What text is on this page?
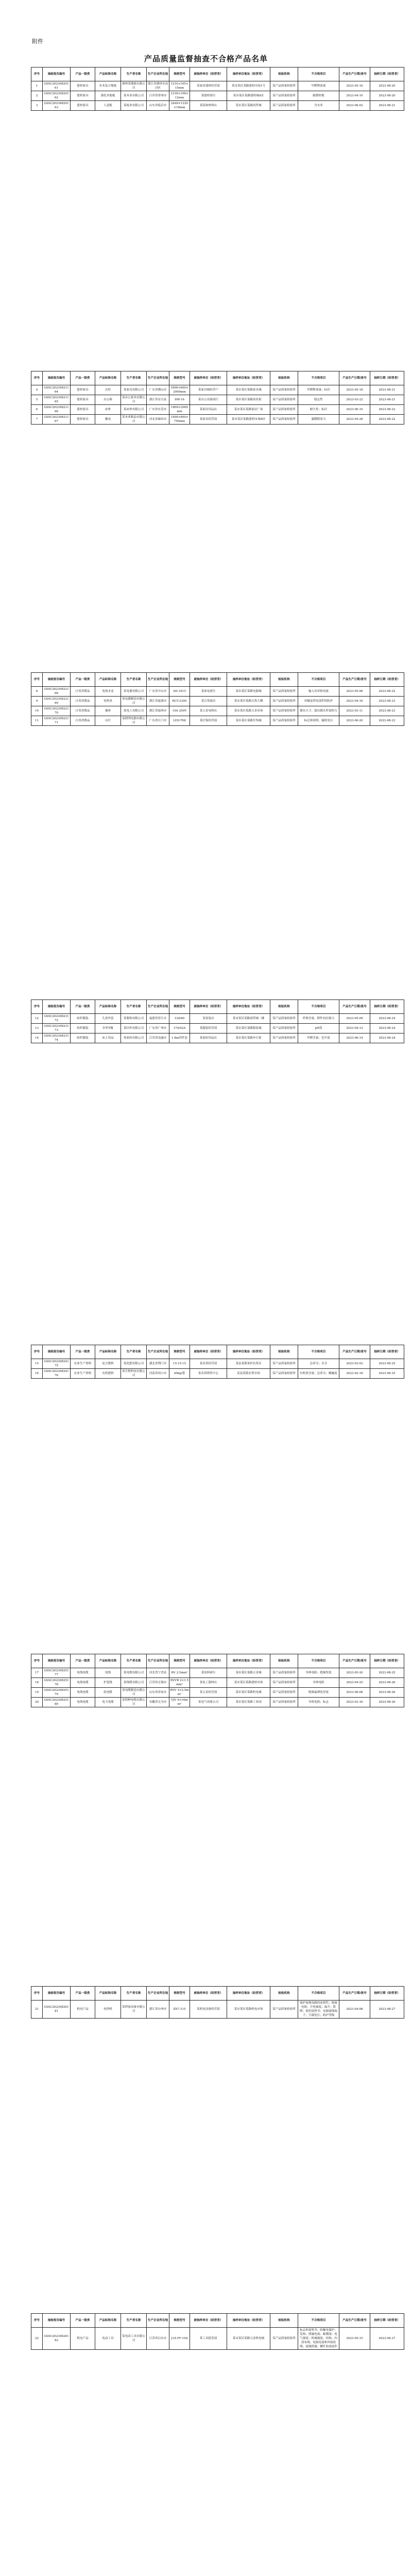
附件
产品质量监督抽查不合格产品名单
序号	抽检报告编号	产品一级类	产品标称名称	生产者名称	生产企业所在地	规格型号	被抽样单位（经营者）	抽样单位地址（经营者）	检验机构	不合格项目	产品生产日期/批号	抽样日期（经营者）
1	GSSC20230820161	建材家具	实木复合地板	湖州某地板有限公司	浙江省湖州市南浔区	1210×165×15mm	某家居建材经营部	某市某区某路建材市场1号	某产品质量检验所	甲醛释放量	2023-05-16	2023-08-20
2	GSSC20230820162	建材家具	强化木地板	某木业有限公司	江苏省常州市	1218×198×12mm	某建材商行	某市某区某路建材城A区	某产品质量检验所	耐磨转数	2023-04-10	2023-08-20
3	GSSC20230820163	建材家具	人造板	某板业有限公司	山东省临沂市	2440×1220×18mm	某装饰材料店	某市某区某路商贸城	某产品质量检验所	含水率	2023-06-02	2023-08-21
序号	抽检报告编号	产品一级类	产品标称名称	生产者名称	生产企业所在地	规格型号	被抽样单位（经营者）	抽样单位地址（经营者）	检验机构	不合格项目	产品生产日期/批号	抽样日期（经营者）
4	GSSC20230821164	建材家具	衣柜	某家具有限公司	广东省佛山市	1800×600×2000mm	某家具城经营户	某市某区某路家具城	某产品质量检验所	甲醛释放量；标识	2023-05-18	2023-08-21
5	GSSC20230821165	建材家具	办公椅	某办公家具有限公司	浙江省安吉县	DW-16	某办公设备商行	某市某区某路商业街	某产品质量检验所	稳定性	2023-03-22	2023-08-21
6	GSSC20230821166	建材家具	床垫	某床垫有限公司	广东省东莞市	1800×2000mm	某家居用品店	某市某区某路家居广场	某产品质量检验所	耐久性；标识	2023-06-10	2023-08-22
7	GSSC20230821167	建材家具	餐桌	某木业制品有限公司	河北省廊坊市	1400×800×750mm	某家具经营部	某市某区某路建材市场B区	某产品质量检验所	漆膜附着力	2023-04-28	2023-08-22
序号	抽检报告编号	产品一级类	产品标称名称	生产者名称	生产企业所在地	规格型号	被抽样单位（经营者）	抽样单位地址（经营者）	检验机构	不合格项目	产品生产日期/批号	抽样日期（经营者）
8	GSSC20230822168	日用消费品	电热水壶	某电器有限公司	广东省中山市	SH-1815	某家电商行	某市某区某路电器城	某产品质量检验所	输入功率和电流	2023-05-06	2023-08-22
9	GSSC20230822169	日用消费品	电吹风	某电器制造有限公司	浙江省慈溪市	RCY-2300	某百货商店	某市某区某路百货大楼	某产品质量检验所	对触及带电部件的防护	2023-04-16	2023-08-23
10	GSSC20230822170	日用消费品	插座	某电工有限公司	浙江省温州市	10A 250V	某五金电料店	某市某区某路五金市场	某产品质量检验所	插头尺寸；拔出插头所需的力	2023-03-11	2023-08-23
11	GSSC20230822171	日用消费品	台灯	某照明电器有限公司	广东省江门市	LED-T08	某灯饰经营部	某市某区某路灯饰城	某产品质量检验所	标记和说明；骚扰电压	2023-06-20	2023-08-23
序号	抽检报告编号	产品一级类	产品标称名称	生产者名称	生产企业所在地	规格型号	被抽样单位（经营者）	抽样单位地址（经营者）	检验机构	不合格项目	产品生产日期/批号	抽样日期（经营者）
12	GSSC20230823172	纺织服装	儿童外套	某服饰有限公司	福建省晋江市	120/60	某童装店	某市某区某路商贸城二楼	某产品质量检验所	纤维含量；附件抗拉强力	2023-05-09	2023-08-24
13	GSSC20230823173	纺织服装	针织T恤	某针织有限公司	广东省广州市	170/92A	某服装经营部	某市某区某路服装城	某产品质量检验所	pH值	2023-04-12	2023-08-24
14	GSSC20230823174	纺织服装	床上用品	某家纺有限公司	江苏省南通市	1.8m四件套	某家纺用品店	某市某区某路步行街	某产品质量检验所	甲醛含量；色牢度	2023-06-14	2023-08-24
序号	抽检报告编号	产品一级类	产品标称名称	生产者名称	生产企业所在地	规格型号	被抽样单位（经营者）	抽样单位地址（经营者）	检验机构	不合格项目	产品生产日期/批号	抽样日期（经营者）
15	GSSC20230824175	农业生产资料	复合肥料	某化肥有限公司	湖北省荆门市	15-15-15	某农资经营部	某县某镇某村农资店	某产品质量检验所	总养分；水分	2023-03-02	2023-08-25
16	GSSC20230824176	农业生产资料	有机肥料	某生物科技有限公司	河南省周口市	40kg/袋	某农资销售中心	某县某镇农贸市场	某产品质量检验所	有机质含量；总养分；酸碱度	2023-02-18	2023-08-25
序号	抽检报告编号	产品一级类	产品标称名称	生产者名称	生产企业所在地	规格型号	被抽样单位（经营者）	抽样单位地址（经营者）	检验机构	不合格项目	产品生产日期/批号	抽样日期（经营者）
17	GSSC20230825177	电线电缆	电线	某电缆有限公司	河北省宁晋县	BV 2.5mm²	某电料商行	某市某区某路五金城	某产品质量检验所	导体电阻；绝缘厚度	2023-05-20	2023-08-25
18	GSSC20230825178	电线电缆	护套线	某线缆有限公司	江苏省无锡市	BVVB 2×1.5mm²	某电工器材店	某市某区某路建材市场	某产品质量检验所	导体电阻	2023-04-25	2023-08-26
19	GSSC20230825179	电线电缆	软电缆	某电缆制造有限公司	山东省济南市	RVV 3×2.5mm²	某五金经营部	某市某区某路机电城	某产品质量检验所	绝缘最薄处厚度	2023-06-08	2023-08-26
20	GSSC20230825180	电线电缆	电力电缆	某特种电缆有限公司	安徽省无为市	YJV 4×16mm²	某电气设备公司	某市某区某路工业园	某产品质量检验所	导体电阻；标志	2023-03-30	2023-08-26
序号	抽检报告编号	产品一级类	产品标称名称	生产者名称	生产企业所在地	规格型号	被抽样单位（经营者）	抽样单位地址（经营者）	检验机构	不合格项目	产品生产日期/批号	抽样日期（经营者）
21	GSSC20230826181	机电产品	电焊机	某焊接设备有限公司	浙江省台州市	ZX7-315	某机电设备经营部	某市某区某路机电市场	某产品质量检验所	保护接地电路的连续性；绝缘电阻；介电强度；温升；铭牌；使用说明书；电源接线端子；空载电压；防护等级	2023-04-08	2023-08-27
序号	抽检报告编号	产品一级类	产品标称名称	生产者名称	生产企业所在地	规格型号	被抽样单位（经营者）	抽样单位地址（经营者）	检验机构	不合格项目	产品生产日期/批号	抽样日期（经营者）
22	GSSC20230826182	机电产品	电动工具	某电动工具有限公司	江苏省启东市	J1Z-FF-10A	某工具批发部	某市某区某路五金机电城	某产品质量检验所	标志和说明书；防触电保护；发热；泄漏电流；耐潮湿；电气强度；机械强度；结构；内部布线；电源连接和外接软线；接地措施；螺钉和连接件	2023-05-15	2023-08-27
